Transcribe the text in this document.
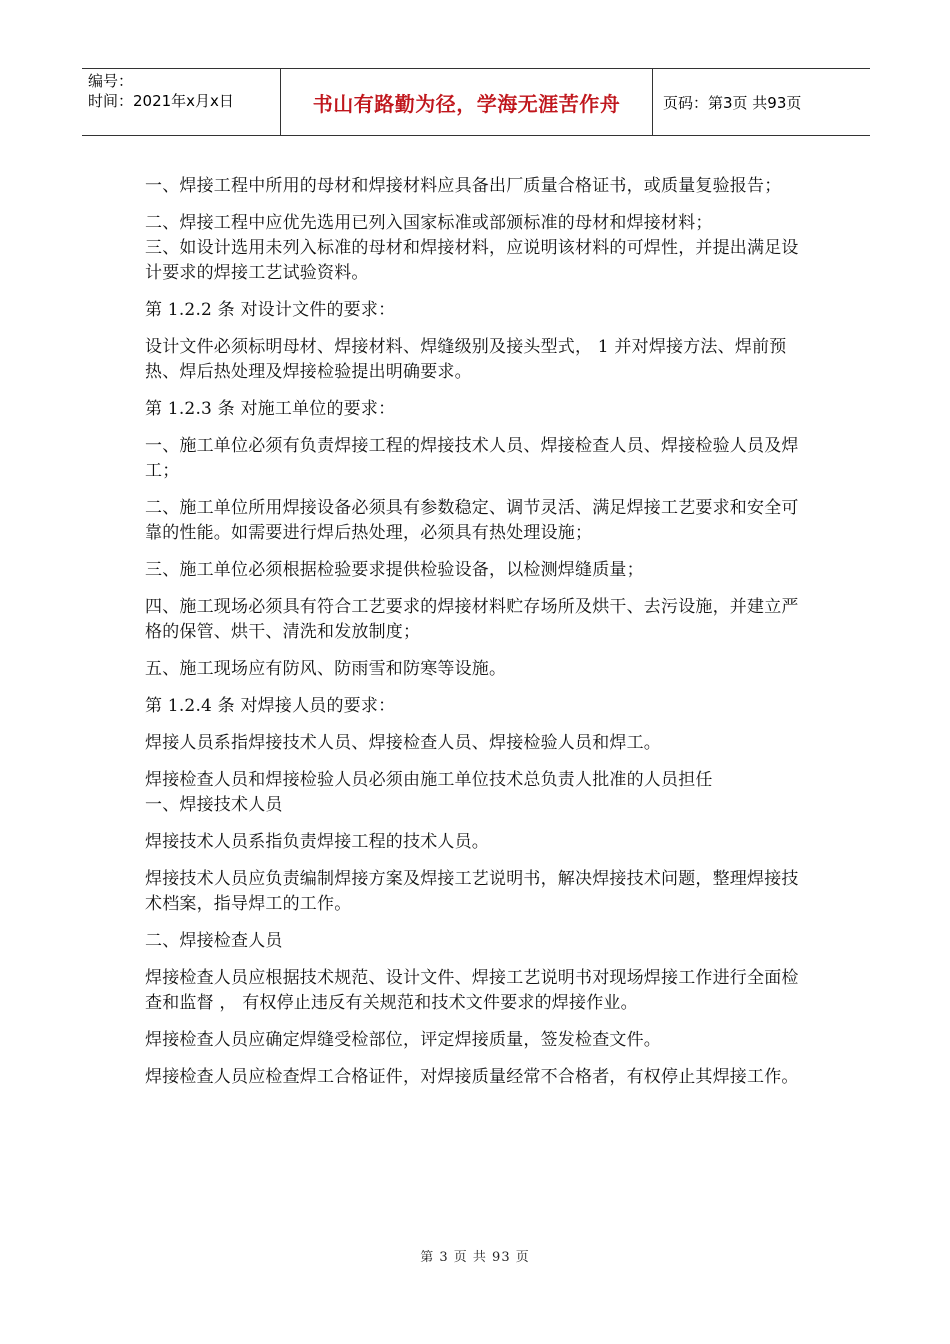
编号：
时间：2021年x月x日	书山有路勤为径，学海无涯苦作舟	页码：第3页 共93页

一、焊接工程中所用的母材和焊接材料应具备出厂质量合格证书，或质量复验报告；

二、焊接工程中应优先选用已列入国家标准或部颁标准的母材和焊接材料；

三、如设计选用未列入标准的母材和焊接材料，应说明该材料的可焊性，并提出满足设计要求的焊接工艺试验资料。

第 1.2.2 条 对设计文件的要求：

设计文件必须标明母材、焊接材料、焊缝级别及接头型式， 1 并对焊接方法、焊前预热、焊后热处理及焊接检验提出明确要求。

第 1.2.3 条 对施工单位的要求：

一、施工单位必须有负责焊接工程的焊接技术人员、焊接检查人员、焊接检验人员及焊工；

二、施工单位所用焊接设备必须具有参数稳定、调节灵活、满足焊接工艺要求和安全可靠的性能。如需要进行焊后热处理，必须具有热处理设施；

三、施工单位必须根据检验要求提供检验设备，以检测焊缝质量；

四、施工现场必须具有符合工艺要求的焊接材料贮存场所及烘干、去污设施，并建立严格的保管、烘干、清洗和发放制度；

五、施工现场应有防风、防雨雪和防寒等设施。

第 1.2.4 条 对焊接人员的要求：

焊接人员系指焊接技术人员、焊接检查人员、焊接检验人员和焊工。

焊接检查人员和焊接检验人员必须由施工单位技术总负责人批准的人员担任

一、焊接技术人员

焊接技术人员系指负责焊接工程的技术人员。

焊接技术人员应负责编制焊接方案及焊接工艺说明书，解决焊接技术问题，整理焊接技术档案，指导焊工的工作。

二、焊接检查人员

焊接检查人员应根据技术规范、设计文件、焊接工艺说明书对现场焊接工作进行全面检查和监督 ， 有权停止违反有关规范和技术文件要求的焊接作业。

焊接检查人员应确定焊缝受检部位，评定焊接质量，签发检查文件。

焊接检查人员应检查焊工合格证件，对焊接质量经常不合格者，有权停止其焊接工作。

第 3 页 共 93 页
